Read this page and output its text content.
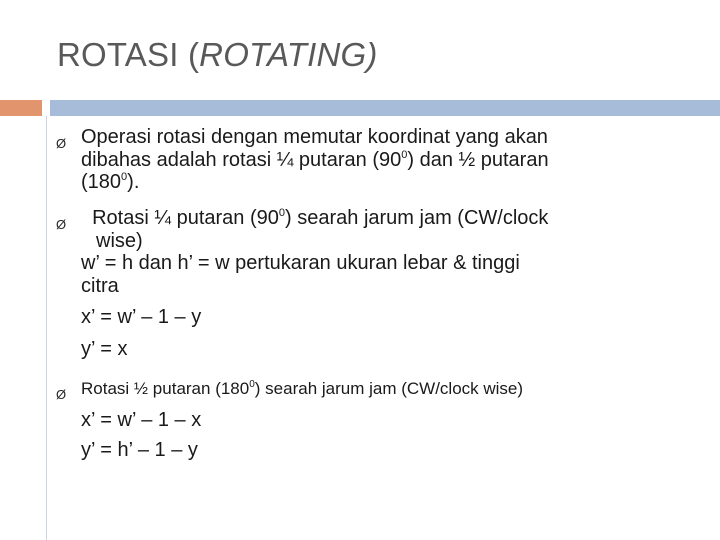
ROTASI (ROTATING)
Ø Operasi rotasi dengan memutar koordinat yang akan
dibahas adalah rotasi ¼ putaran $(90^0)$ dan ½ putaran
$(180^0)$.
Ø Rotasi ¼ putaran $(90^0)$ searah jarum jam (CW/clock
wise)
w’ = h dan h’ = w pertukaran ukuran lebar & tinggi
citra
x’ = w’ – 1 – y
y’ = x
Ø Rotasi ½ putaran $(180^0)$ searah jarum jam (CW/clock wise)
x’ = w’ – 1 – x
y’ = h’ – 1 – y
